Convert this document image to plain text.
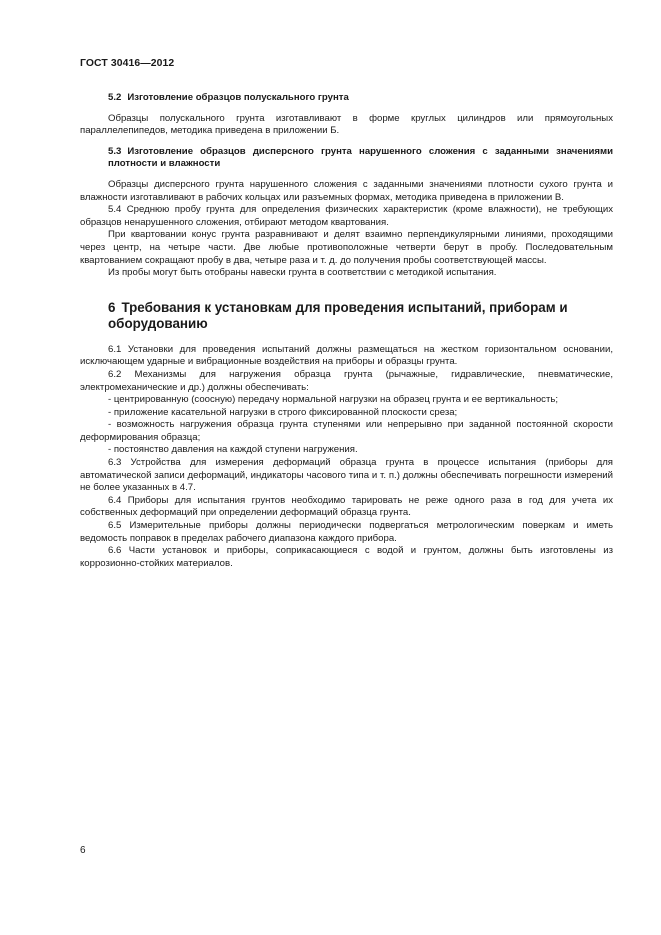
ГОСТ 30416—2012

5.2 Изготовление образцов полускального грунта

Образцы полускального грунта изготавливают в форме круглых цилиндров или прямоугольных параллелепипедов, методика приведена в приложении Б.

5.3 Изготовление образцов дисперсного грунта нарушенного сложения с заданными значениями плотности и влажности

Образцы дисперсного грунта нарушенного сложения с заданными значениями плотности сухого грунта и влажности изготавливают в рабочих кольцах или разъемных формах, методика приведена в приложении В.

5.4 Среднюю пробу грунта для определения физических характеристик (кроме влажности), не требующих образцов ненарушенного сложения, отбирают методом квартования.

При квартовании конус грунта разравнивают и делят взаимно перпендикулярными линиями, проходящими через центр, на четыре части. Две любые противоположные четверти берут в пробу. Последовательным квартованием сокращают пробу в два, четыре раза и т. д. до получения пробы соответствующей массы.

Из пробы могут быть отобраны навески грунта в соответствии с методикой испытания.

6 Требования к установкам для проведения испытаний, приборам и оборудованию

6.1 Установки для проведения испытаний должны размещаться на жестком горизонтальном основании, исключающем ударные и вибрационные воздействия на приборы и образцы грунта.

6.2 Механизмы для нагружения образца грунта (рычажные, гидравлические, пневматические, электромеханические и др.) должны обеспечивать:

- центрированную (соосную) передачу нормальной нагрузки на образец грунта и ее вертикальность;

- приложение касательной нагрузки в строго фиксированной плоскости среза;

- возможность нагружения образца грунта ступенями или непрерывно при заданной постоянной скорости деформирования образца;

- постоянство давления на каждой ступени нагружения.

6.3 Устройства для измерения деформаций образца грунта в процессе испытания (приборы для автоматической записи деформаций, индикаторы часового типа и т. п.) должны обеспечивать погрешности измерений не более указанных в 4.7.

6.4 Приборы для испытания грунтов необходимо тарировать не реже одного раза в год для учета их собственных деформаций при определении деформаций образца грунта.

6.5 Измерительные приборы должны периодически подвергаться метрологическим поверкам и иметь ведомость поправок в пределах рабочего диапазона каждого прибора.

6.6 Части установок и приборы, соприкасающиеся с водой и грунтом, должны быть изготовлены из коррозионно-стойких материалов.

6
